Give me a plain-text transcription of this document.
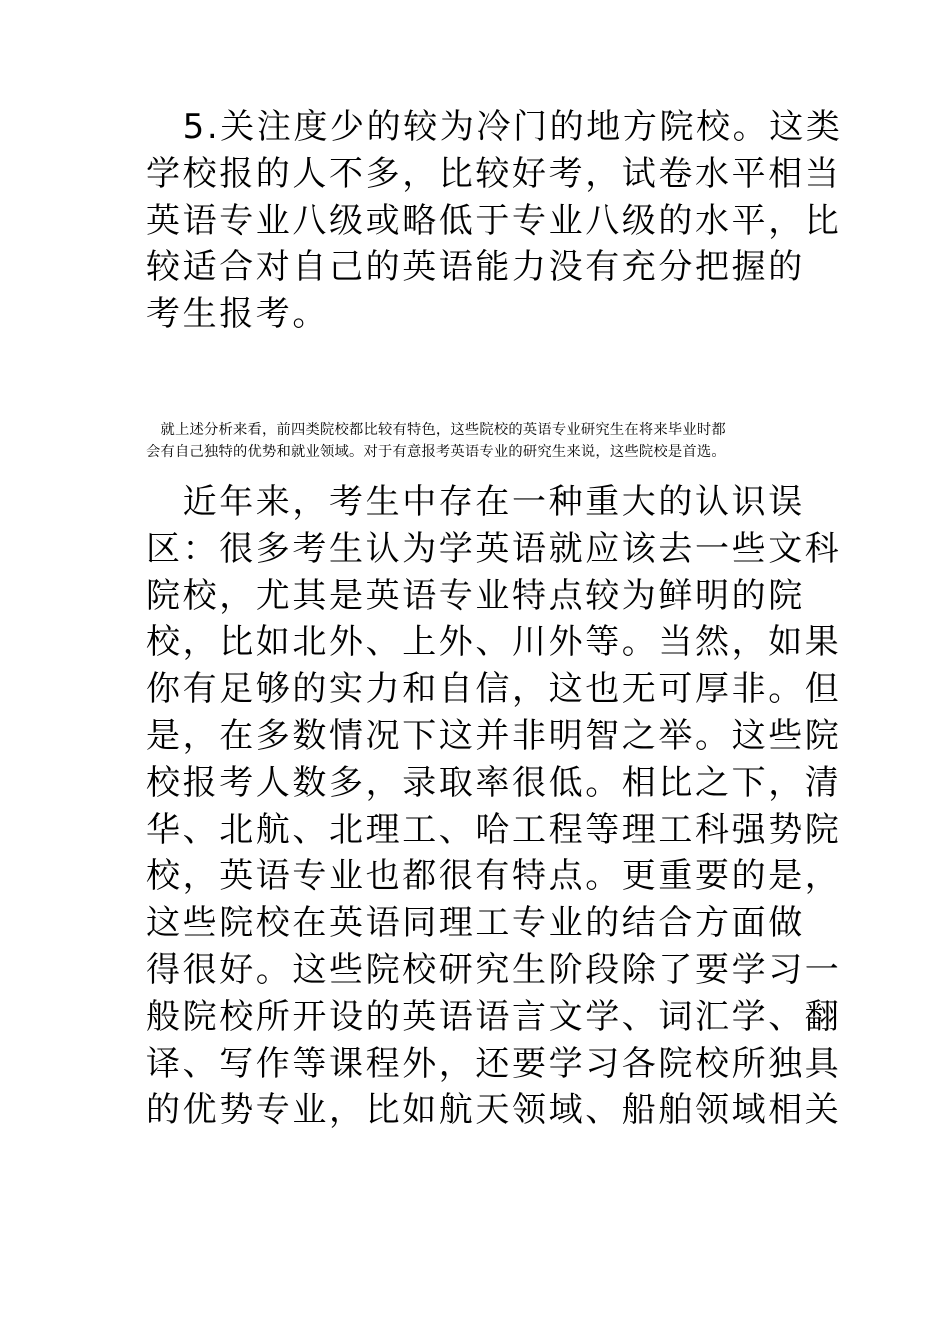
　5.关注度少的较为冷门的地方院校。这类
学校报的人不多，比较好考，试卷水平相当
英语专业八级或略低于专业八级的水平，比
较适合对自己的英语能力没有充分把握的
考生报考。
　就上述分析来看，前四类院校都比较有特色，这些院校的英语专业研究生在将来毕业时都
会有自己独特的优势和就业领域。对于有意报考英语专业的研究生来说，这些院校是首选。
　近年来，考生中存在一种重大的认识误
区：很多考生认为学英语就应该去一些文科
院校，尤其是英语专业特点较为鲜明的院
校，比如北外、上外、川外等。当然，如果
你有足够的实力和自信，这也无可厚非。但
是，在多数情况下这并非明智之举。这些院
校报考人数多，录取率很低。相比之下，清
华、北航、北理工、哈工程等理工科强势院
校，英语专业也都很有特点。更重要的是，
这些院校在英语同理工专业的结合方面做
得很好。这些院校研究生阶段除了要学习一
般院校所开设的英语语言文学、词汇学、翻
译、写作等课程外，还要学习各院校所独具
的优势专业，比如航天领域、船舶领域相关
